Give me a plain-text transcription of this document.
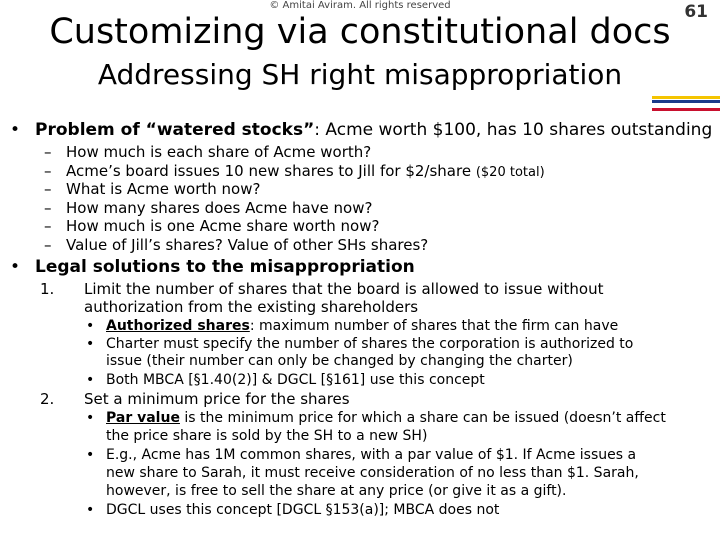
© Amitai Aviram. All rights reserved
Customizing via constitutional docs
Addressing SH right misappropriation
61
• Problem of “watered stocks”: Acme worth $100, has 10 shares outstanding
– How much is each share of Acme worth?
– Acme’s board issues 10 new shares to Jill for $2/share ($20 total)
– What is Acme worth now?
– How many shares does Acme have now?
– How much is one Acme share worth now?
– Value of Jill’s shares? Value of other SHs shares?
• Legal solutions to the misappropriation
1. Limit the number of shares that the board is allowed to issue without
authorization from the existing shareholders
• Authorized shares: maximum number of shares that the firm can have
• Charter must specify the number of shares the corporation is authorized to
issue (their number can only be changed by changing the charter)
• Both MBCA [§1.40(2)] & DGCL [§161] use this concept
2. Set a minimum price for the shares
• Par value is the minimum price for which a share can be issued (doesn’t affect
the price share is sold by the SH to a new SH)
• E.g., Acme has 1M common shares, with a par value of $1. If Acme issues a
new share to Sarah, it must receive consideration of no less than $1. Sarah,
however, is free to sell the share at any price (or give it as a gift).
• DGCL uses this concept [DGCL §153(a)]; MBCA does not
